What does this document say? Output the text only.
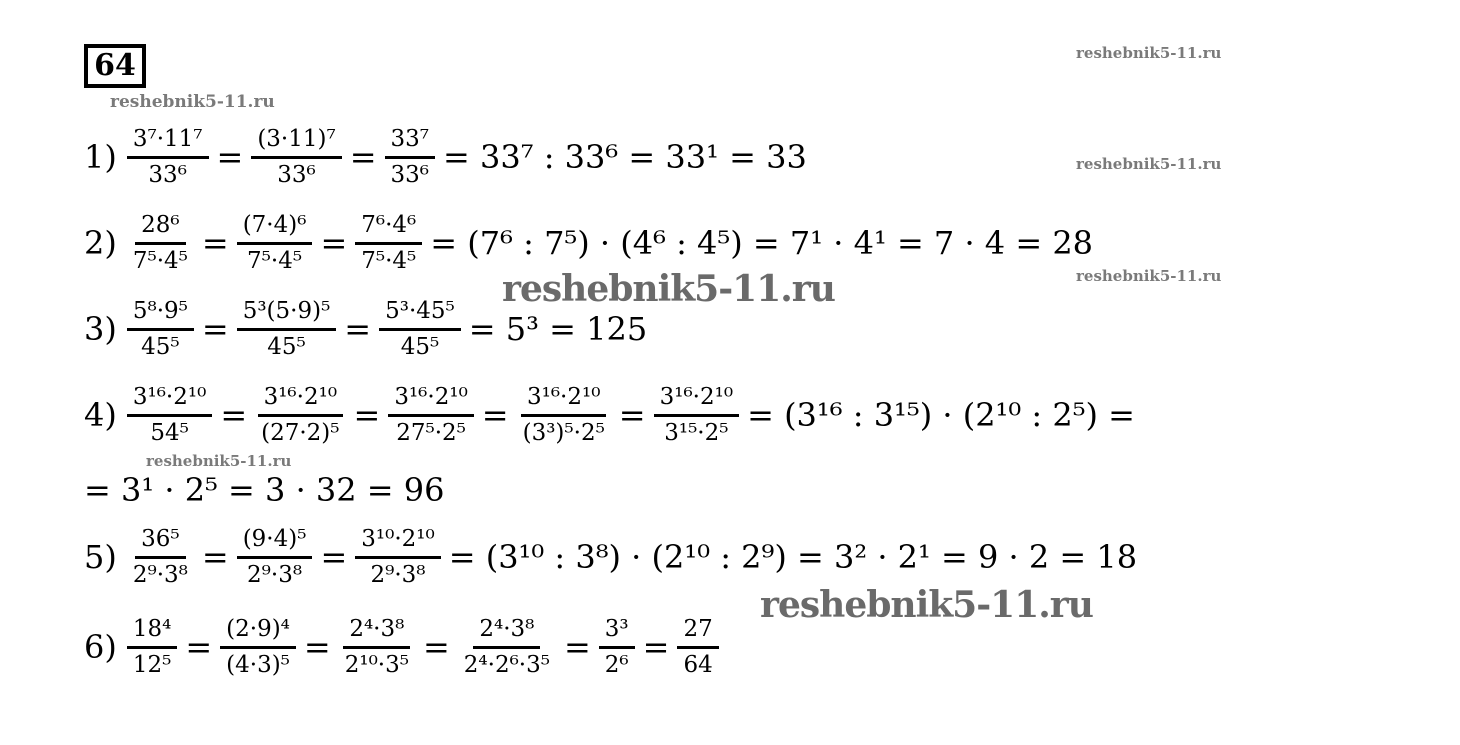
64	reshebnik5-11.ru
reshebnik5-11.ru
reshebnik5-11.ru
reshebnik5-11.ru
reshebnik5-11.ru
reshebnik5-11.ru
reshebnik5-11.ru
$1) \frac{\text{3⁷·11⁷}}{\text{33⁶}} = \frac{\text{(3·11)⁷}}{\text{33⁶}} = \frac{\text{33⁷}}{\text{33⁶}} = 33^7$ : 33⁶ = 33¹ = 33
$2) \frac{\text{28⁶}}{\text{7⁵·4⁵}} = \frac{\text{(7·4)⁶}}{\text{7⁵·4⁵}} = \frac{\text{7⁶·4⁶}}{\text{7⁵·4⁵}} = (7^6$ : 7⁵) · (4⁶ : 4⁵) = 7¹ · 4¹ = 7 · 4 = 28
$3) \frac{\text{5⁸·9⁵}}{\text{45⁵}} = \frac{\text{5³(5·9)⁵}}{\text{45⁵}} = \frac{\text{5³·45⁵}}{\text{45⁵}} = 5^3 = 125$
$4) \frac{\text{3¹⁶·2¹⁰}}{\text{54⁵}} = \frac{\text{3¹⁶·2¹⁰}}{\text{(27·2)⁵}} = \frac{\text{3¹⁶·2¹⁰}}{\text{27⁵·2⁵}} = \frac{\text{3¹⁶·2¹⁰}}{\text{(3³)⁵·2⁵}} = \frac{\text{3¹⁶·2¹⁰}}{\text{3¹⁵·2⁵}} = (3^{16}$ : 3¹⁵) · (2¹⁰ : 2⁵) =
$5) \frac{\text{36⁵}}{\text{2⁹·3⁸}} = \frac{\text{(9·4)⁵}}{\text{2⁹·3⁸}} = \frac{\text{3¹⁰·2¹⁰}}{\text{2⁹·3⁸}} = (3^{10}$ : 3⁸) · (2¹⁰ : 2⁹) = 3² · 2¹ = 9 · 2 = 18
$6) \frac{\text{18⁴}}{\text{12⁵}} = \frac{\text{(2·9)⁴}}{\text{(4·3)⁵}} = \frac{\text{2⁴·3⁸}}{\text{2¹⁰·3⁵}} = \frac{\text{2⁴·3⁸}}{\text{2⁴·2⁶·3⁵}} = \frac{\text{3³}}{\text{2⁶}} = \frac{27}{64}$
= 3¹ · 2⁵ = 3 · 32 = 96
